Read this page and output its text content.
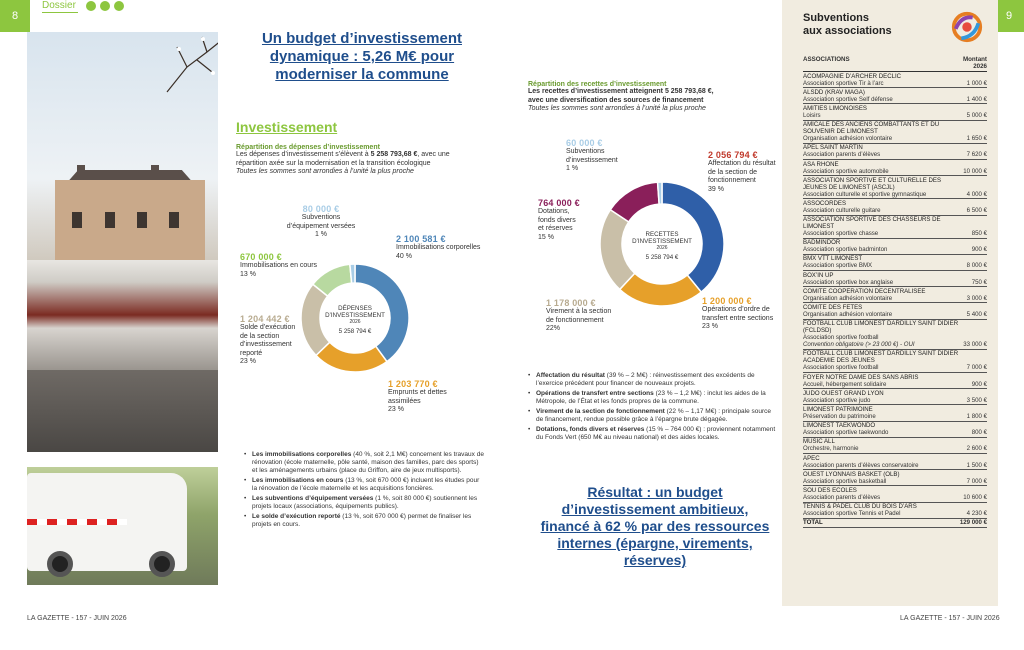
8	9
Dossier
Un budget d’investissement dynamique : 5,26 M€ pour moderniser la commune
Investissement
Répartition des dépenses d’investissement
Les dépenses d’investissement s’élèvent à 5 258 793,68 €, avec une répartition axée sur la modernisation et la transition écologique
Toutes les sommes sont arrondies à l’unité la plus proche
DÉPENSES
D’INVESTISSEMENT
2026
5 258 794 €
80 000 €
Subventions
d’équipement versées
1 %
670 000 €
Immobilisations en cours
13 %
2 100 581 €
Immobilisations corporelles
40 %
1 204 442 €
Solde d’exécution
de la section
d’investissement
reporté
23 %
1 203 770 €
Emprunts et dettes
assimilées
23 %
• Les immobilisations corporelles (40 %, soit 2,1 M€) concernent les travaux de rénovation (école maternelle, pôle santé, maison des familles, parc des sports) et les aménagements urbains (place du Griffon, aire de jeux multisports).
• Les immobilisations en cours (13 %, soit 670 000 €) incluent les études pour la rénovation de l’école maternelle et les acquisitions foncières.
• Les subventions d’équipement versées (1 %, soit 80 000 €) soutiennent les projets locaux (associations, équipements publics).
• Le solde d’exécution reporté (13 %, soit 670 000 €) permet de finaliser les projets en cours.
LA GAZETTE - 157 - JUIN 2026
Répartition des recettes d’investissement
Les recettes d’investissement atteignent 5 258 793,68 €,
avec une diversification des sources de financement
Toutes les sommes sont arrondies à l’unité la plus proche
RECETTES
D’INVESTISSEMENT
2026
5 258 794 €
60 000 €
Subventions
d’investissement
1 %
764 000 €
Dotations,
fonds divers
et réserves
15 %
1 178 000 €
Virement à la section
de fonctionnement
22%
2 056 794 €
Affectation du résultat
de la section de
fonctionnement
39 %
1 200 000 €
Opérations d’ordre de
transfert entre sections
23 %
• Affectation du résultat (39 % – 2 M€) : réinvestissement des excédents de l’exercice précédent pour financer de nouveaux projets.
• Opérations de transfert entre sections (23 % – 1,2 M€) : inclut les aides de la Métropole, de l’État et les fonds propres de la commune.
• Virement de la section de fonctionnement (22 % – 1,17 M€) : principale source de financement, rendue possible grâce à l’épargne brute dégagée.
• Dotations, fonds divers et réserves (15 % – 764 000 €) : proviennent notamment du Fonds Vert (650 M€ au niveau national) et des aides locales.
Résultat : un budget d’investissement ambitieux, financé à 62 % par des ressources internes (épargne, virements, réserves)
Subventions
aux associations
ASSOCIATIONS	Montant
2026
ACOMPAGNIE D’ARCHER DECLIC
Association sportive Tir à l’arc	1 000 €
ALSDD (KRAV MAGA)
Association sportive Self défense	1 400 €
AMITIES LIMONOISES
Loisirs	5 000 €
AMICALE DES ANCIENS COMBATTANTS ET DU SOUVENIR DE LIMONEST
Organisation adhésion volontaire	1 650 €
APEL SAINT MARTIN
Association parents d’élèves	7 620 €
ASA RHONE
Association sportive automobile	10 000 €
ASSOCIATION SPORTIVE ET CULTURELLE DES JEUNES DE LIMONEST (ASCJL)
Association culturelle et sportive gymnastique	4 000 €
ASSOCORDES
Association culturelle guitare	6 500 €
ASSOCIATION SPORTIVE DES CHASSEURS DE LIMONEST
Association sportive chasse	850 €
BADMINDOR
Association sportive badminton	900 €
BMX VTT LIMONEST
Association sportive BMX	8 000 €
BOX’IN UP
Association sportive box anglaise	750 €
COMITE COOPERATION DECENTRALISEE
Organisation adhésion volontaire	3 000 €
COMITE DES FETES
Organisation adhésion volontaire	5 400 €
FOOTBALL CLUB LIMONEST DARDILLY SAINT DIDIER (FCLDSD)
Association sportive football
Convention obligatoire (> 23 000 €) - OUI	33 000 €
FOOTBALL CLUB LIMONEST DARDILLY SAINT DIDIER ACADEMIE DES JEUNES
Association sportive football	7 000 €
FOYER NOTRE DAME DES SANS ABRIS
Accueil, hébergement solidaire	900 €
JUDO OUEST GRAND LYON
Association sportive judo	3 500 €
LIMONEST PATRIMOINE
Préservation du patrimoine	1 800 €
LIMONEST TAEKWONDO
Association sportive taekwondo	800 €
MUSIC ALL
Orchestre, harmonie	2 600 €
APEC
Association parents d’élèves conservatoire	1 500 €
OUEST LYONNAIS BASKET (OLB)
Association sportive basketball	7 000 €
SOU DES ECOLES
Association parents d’élèves	10 600 €
TENNIS & PADEL CLUB DU BOIS D’ARS
Association sportive Tennis et Padel	4 230 €
TOTAL	129 000 €
LA GAZETTE - 157 - JUIN 2026
